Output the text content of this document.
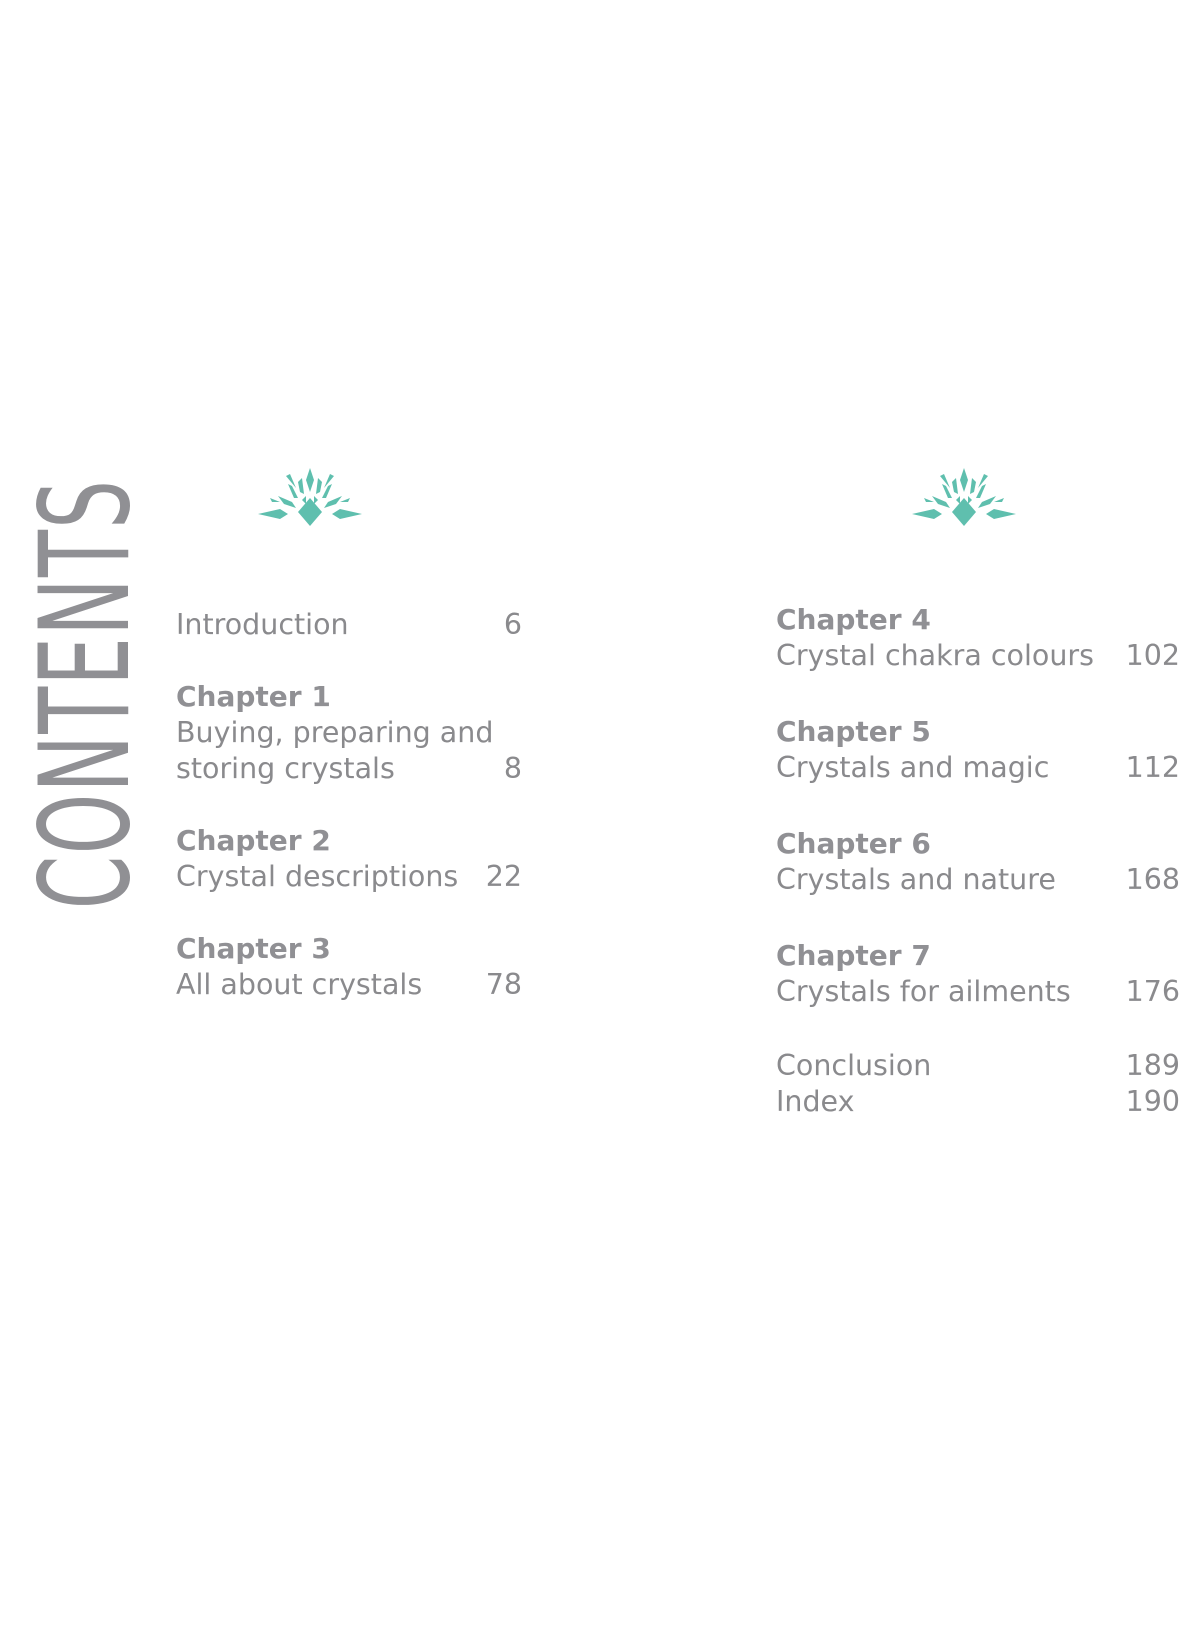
CONTENTS Introduction	6
Chapter 1
Buying, preparing and
storing crystals	8
Chapter 2
Crystal descriptions 22
Chapter 3
All about crystals	78
Chapter 4
Crystal chakra colours	102
Chapter 5
Crystals and magic	112
Chapter 6
Crystals and nature	168
Chapter 7
Crystals for ailments	176
Conclusion	189
Index	190
